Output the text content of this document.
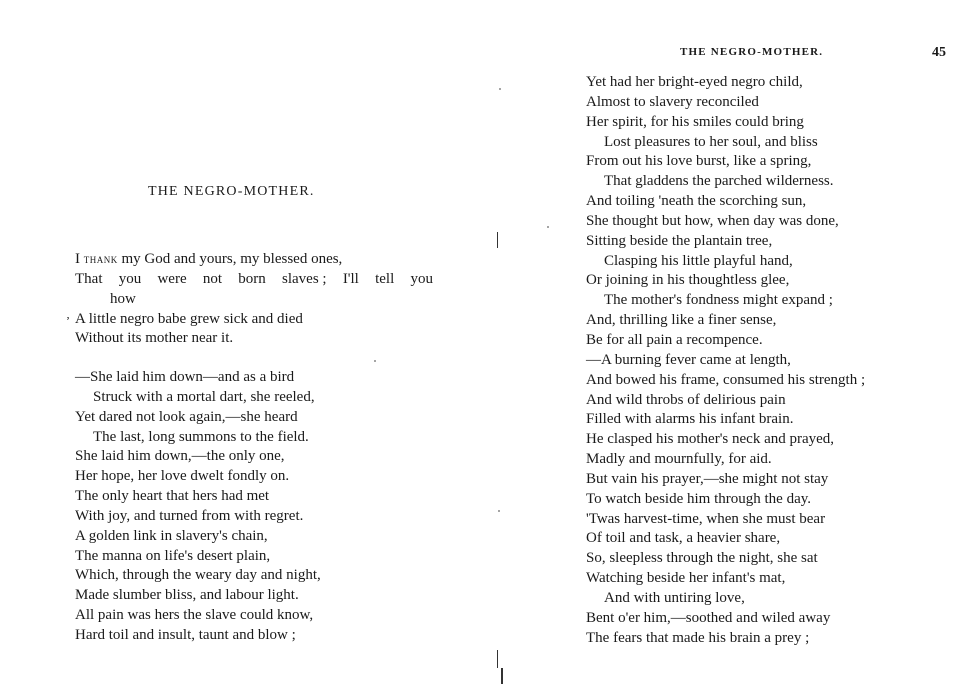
THE NEGRO-MOTHER.
ʼ
I thank my God and yours, my blessed ones,
That you were not born slaves ; I'll tell you
how
A little negro babe grew sick and died
Without its mother near it.
—She laid him down—and as a bird
Struck with a mortal dart, she reeled,
Yet dared not look again,—she heard
The last, long summons to the field.
She laid him down,—the only one,
Her hope, her love dwelt fondly on.
The only heart that hers had met
With joy, and turned from with regret.
A golden link in slavery's chain,
The manna on life's desert plain,
Which, through the weary day and night,
Made slumber bliss, and labour light.
All pain was hers the slave could know,
Hard toil and insult, taunt and blow ;
THE NEGRO-MOTHER.	45
Yet had her bright-eyed negro child,
Almost to slavery reconciled
Her spirit, for his smiles could bring
Lost pleasures to her soul, and bliss
From out his love burst, like a spring,
That gladdens the parched wilderness.
And toiling 'neath the scorching sun,
She thought but how, when day was done,
Sitting beside the plantain tree,
Clasping his little playful hand,
Or joining in his thoughtless glee,
The mother's fondness might expand ;
And, thrilling like a finer sense,
Be for all pain a recompence.
—A burning fever came at length,
And bowed his frame, consumed his strength ;
And wild throbs of delirious pain
Filled with alarms his infant brain.
He clasped his mother's neck and prayed,
Madly and mournfully, for aid.
But vain his prayer,—she might not stay
To watch beside him through the day.
'Twas harvest-time, when she must bear
Of toil and task, a heavier share,
So, sleepless through the night, she sat
Watching beside her infant's mat,
And with untiring love,
Bent o'er him,—soothed and wiled away
The fears that made his brain a prey ;
